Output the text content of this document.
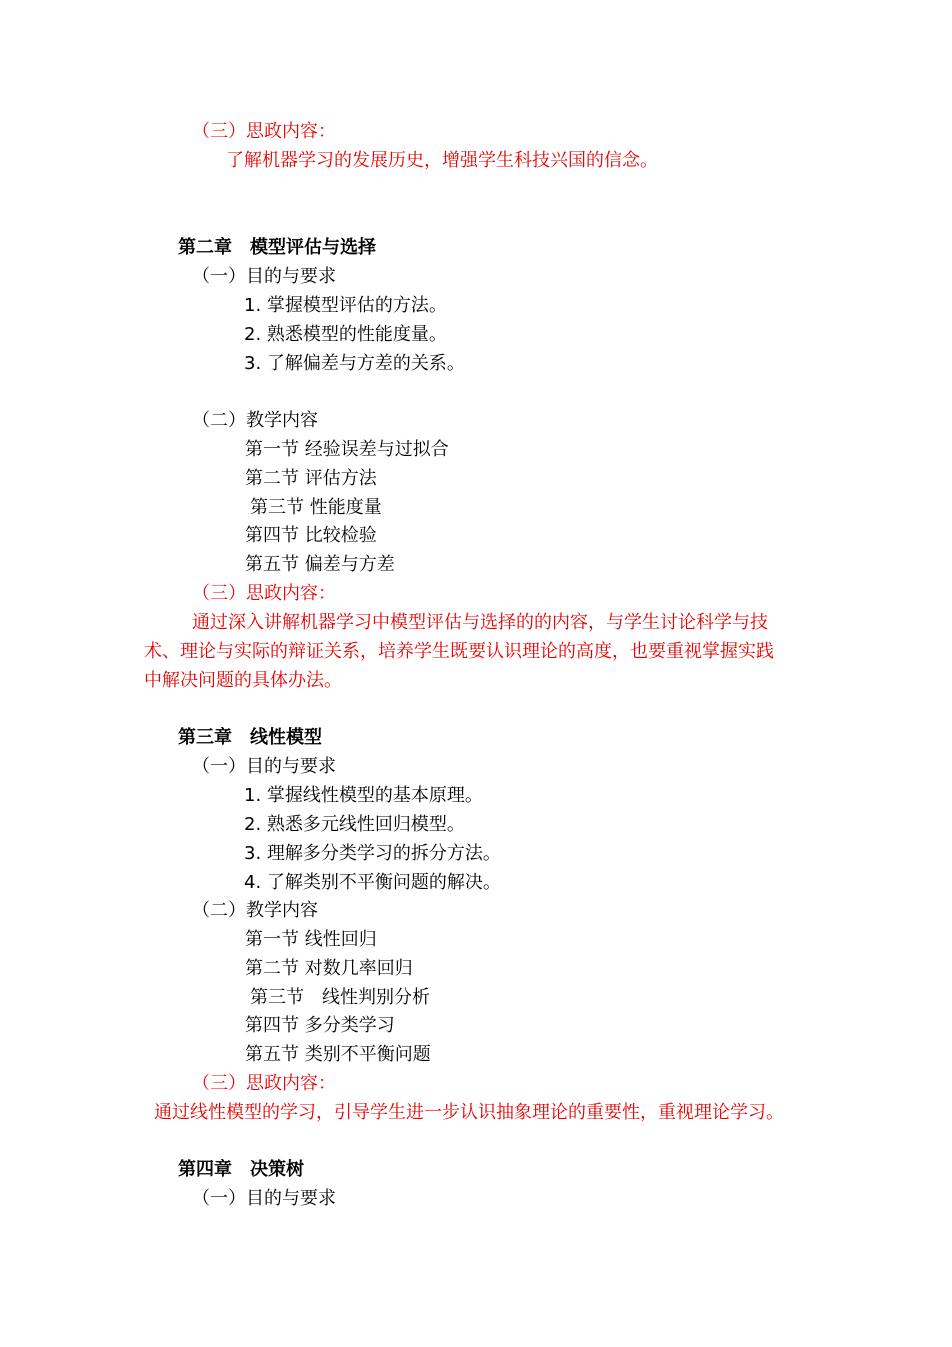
（三）思政内容：
了解机器学习的发展历史，增强学生科技兴国的信念。
第二章　模型评估与选择
（一）目的与要求
1. 掌握模型评估的方法。
2. 熟悉模型的性能度量。
3. 了解偏差与方差的关系。
（二）教学内容
第一节 经验误差与过拟合
第二节 评估方法
第三节 性能度量
第四节 比较检验
第五节 偏差与方差
（三）思政内容：
通过深入讲解机器学习中模型评估与选择的的内容，与学生讨论科学与技
术、理论与实际的辩证关系，培养学生既要认识理论的高度，也要重视掌握实践
中解决问题的具体办法。
第三章　线性模型
（一）目的与要求
1. 掌握线性模型的基本原理。
2. 熟悉多元线性回归模型。
3. 理解多分类学习的拆分方法。
4. 了解类别不平衡问题的解决。
（二）教学内容
第一节 线性回归
第二节 对数几率回归
第三节　线性判别分析
第四节 多分类学习
第五节 类别不平衡问题
（三）思政内容：
通过线性模型的学习，引导学生进一步认识抽象理论的重要性，重视理论学习。
第四章　决策树
（一）目的与要求
